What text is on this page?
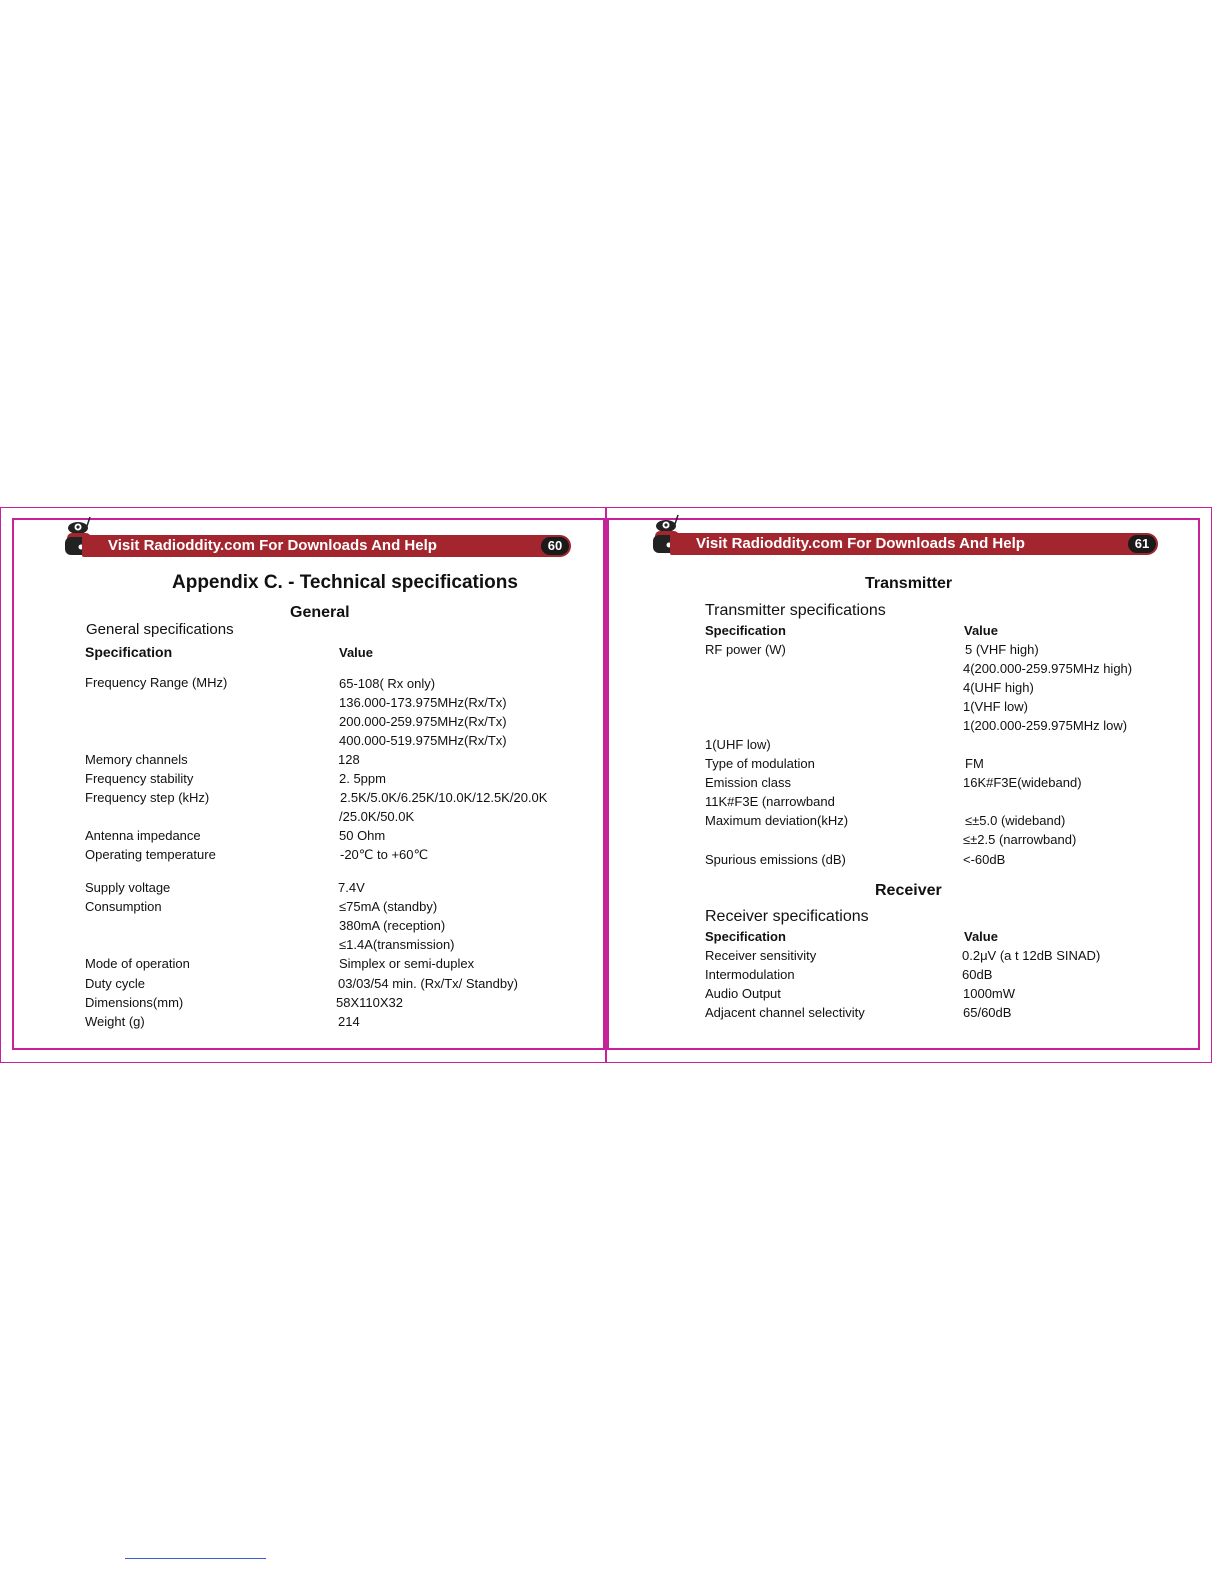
Visit Radioddity.com For Downloads And Help	60
Appendix C. - Technical specifications
General
General specifications
Specification	Value
Frequency Range (MHz)	65-108( Rx only)
136.000-173.975MHz(Rx/Tx)
200.000-259.975MHz(Rx/Tx)
400.000-519.975MHz(Rx/Tx)
Memory channels	128
Frequency stability	2. 5ppm
Frequency step (kHz)	2.5K/5.0K/6.25K/10.0K/12.5K/20.0K
/25.0K/50.0K
Antenna impedance	50 Ohm
Operating temperature	-20℃ to +60℃
Supply voltage	7.4V
Consumption	≤75mA (standby)
380mA (reception)
≤1.4A(transmission)
Mode of operation	Simplex or semi-duplex
Duty cycle	03/03/54 min. (Rx/Tx/ Standby)
Dimensions(mm)	58X110X32
Weight (g)	214
Visit Radioddity.com For Downloads And Help	61
Transmitter
Transmitter specifications
Specification	Value
RF power (W)	5 (VHF high)
4(200.000-259.975MHz high)
4(UHF high)
1(VHF low)
1(200.000-259.975MHz low)
1(UHF low)
Type of modulation	FM
Emission class	16K#F3E(wideband)
11K#F3E (narrowband
Maximum deviation(kHz)	≤±5.0 (wideband)
≤±2.5 (narrowband)
Spurious emissions (dB)	<-60dB
Receiver
Receiver specifications
Specification	Value
Receiver sensitivity	0.2μV (a t 12dB SINAD)
Intermodulation	60dB
Audio Output	1000mW
Adjacent channel selectivity	65/60dB
